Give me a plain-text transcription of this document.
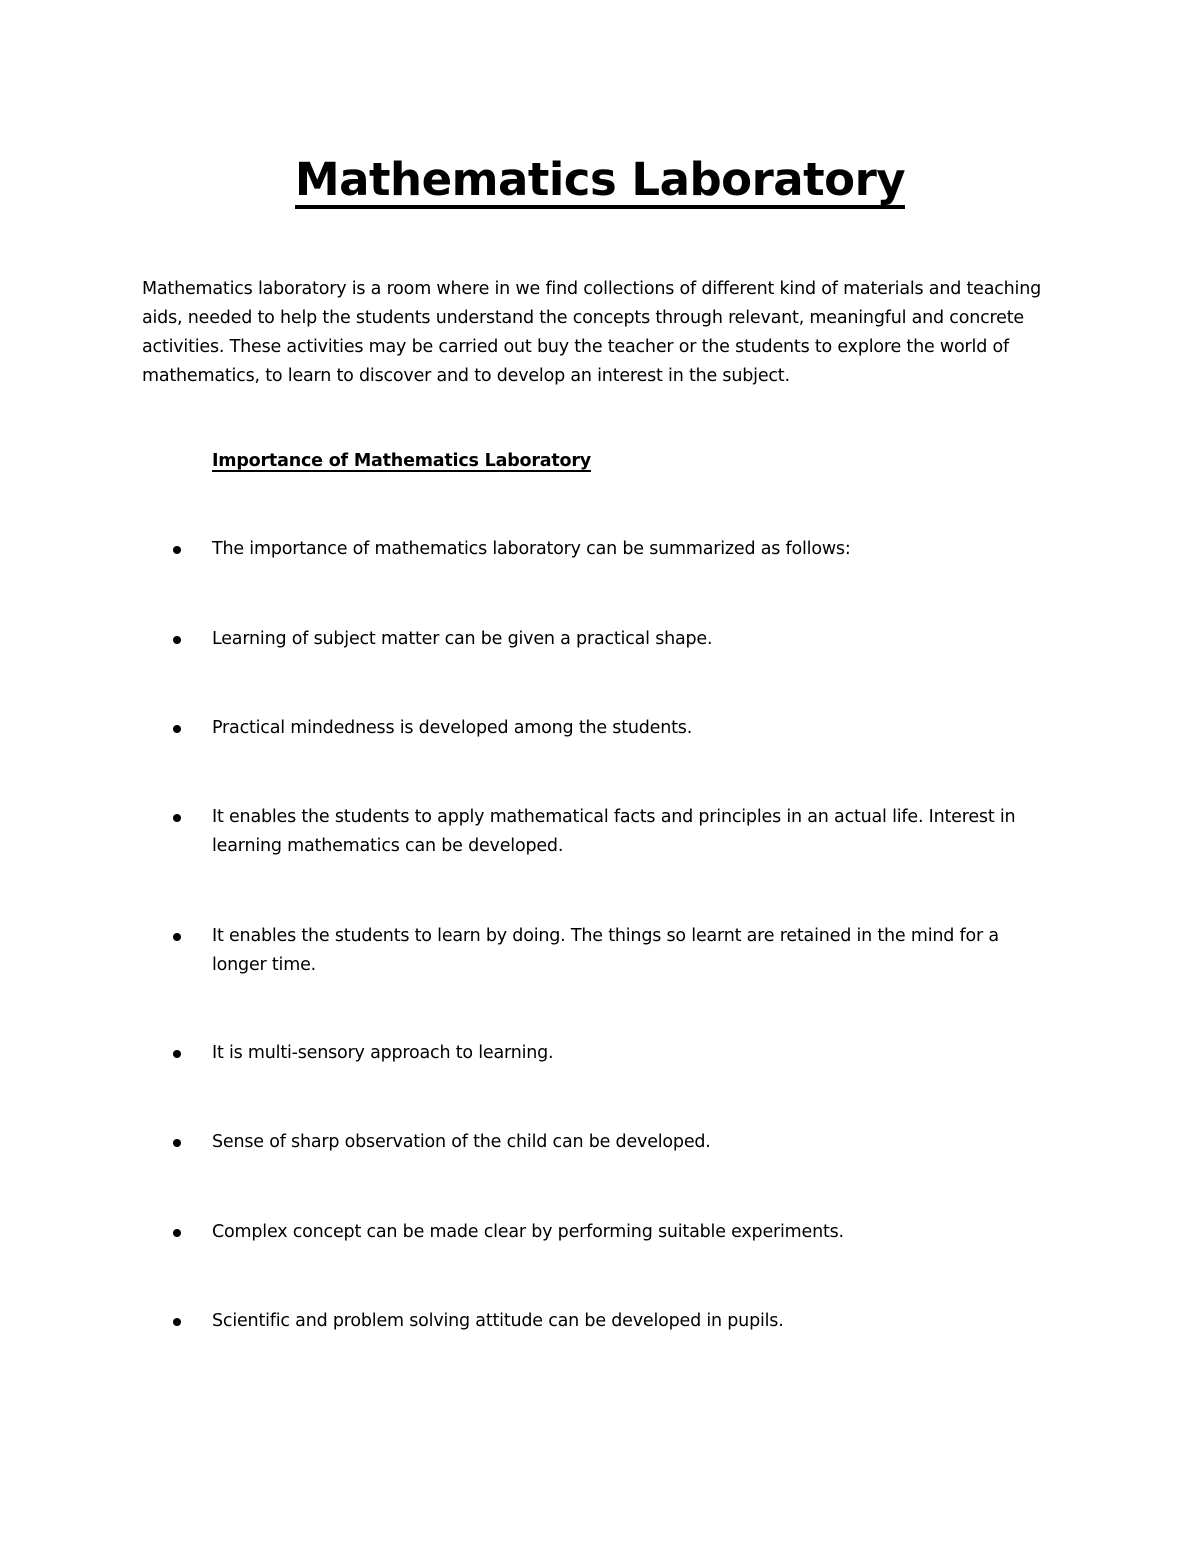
Mathematics Laboratory

Mathematics laboratory is a room where in we find collections of different kind of materials and teaching aids, needed to help the students understand the concepts through relevant, meaningful and concrete activities. These activities may be carried out buy the teacher or the students to explore the world of mathematics, to learn to discover and to develop an interest in the subject.

Importance of Mathematics Laboratory
The importance of mathematics laboratory can be summarized as follows:
Learning of subject matter can be given a practical shape.
Practical mindedness is developed among the students.
It enables the students to apply mathematical facts and principles in an actual life. Interest in learning mathematics can be developed.
It enables the students to learn by doing. The things so learnt are retained in the mind for a longer time.
It is multi-sensory approach to learning.
Sense of sharp observation of the child can be developed.
Complex concept can be made clear by performing suitable experiments.
Scientific and problem solving attitude can be developed in pupils.
